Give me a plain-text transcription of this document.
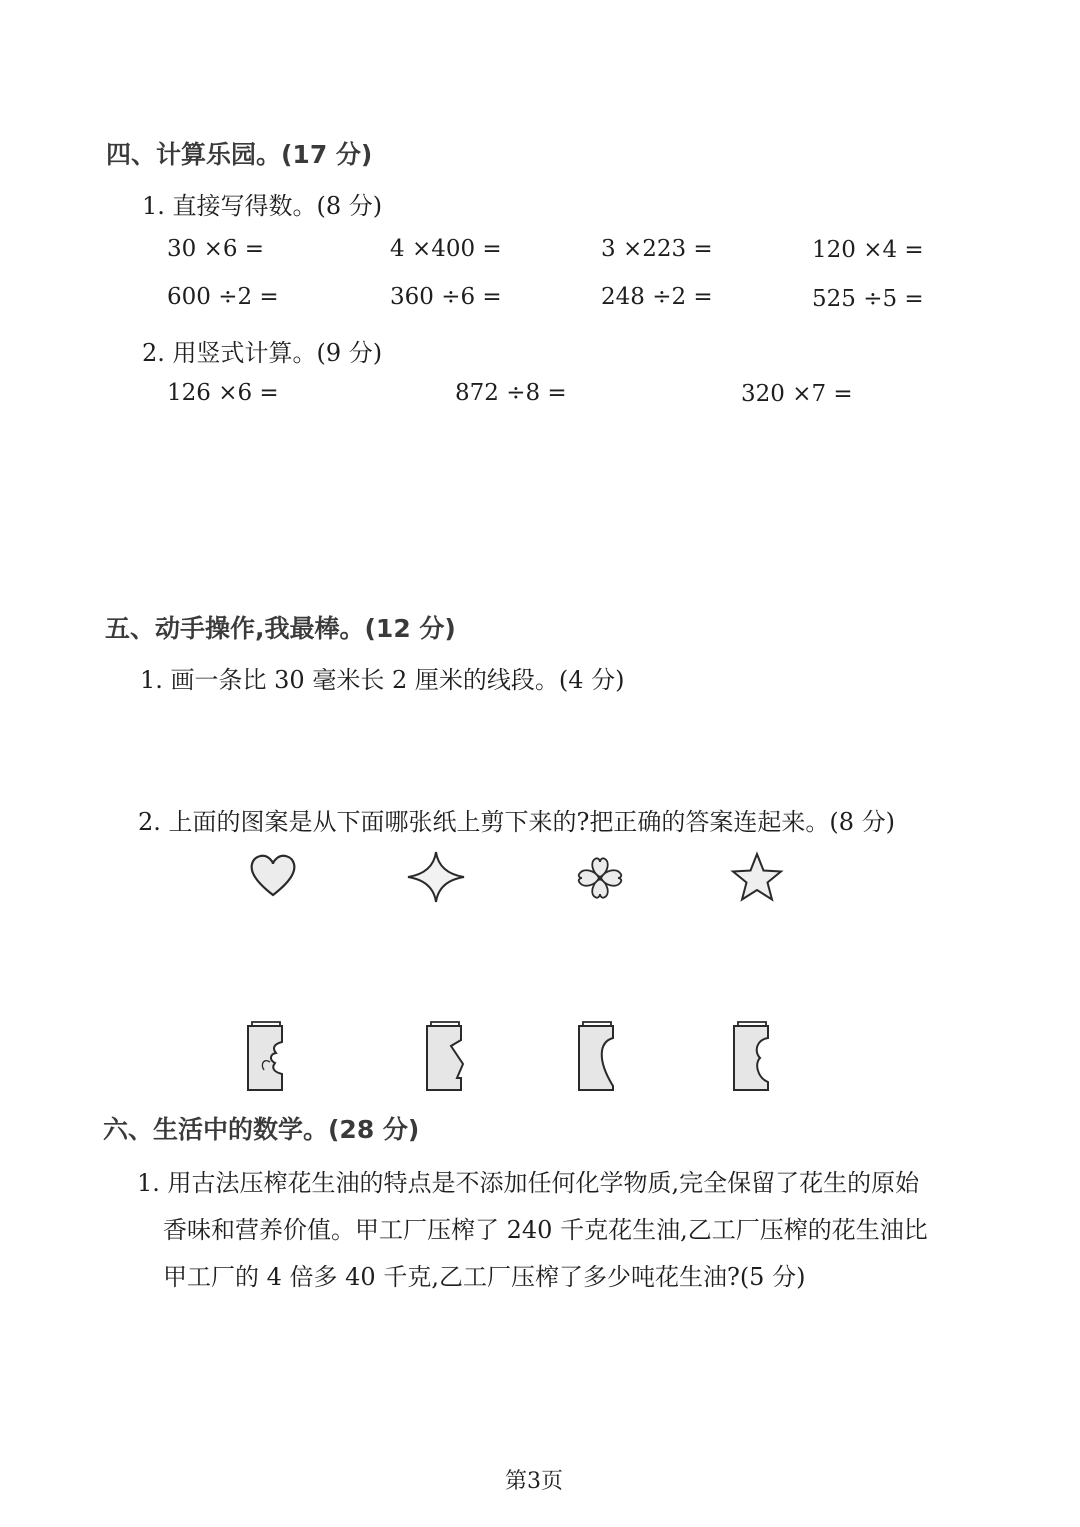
四、计算乐园。(17 分)
1. 直接写得数。(8 分)
30 ×6 =	4 ×400 =	3 ×223 =	120 ×4 =
600 ÷2 =	360 ÷6 =	248 ÷2 =	525 ÷5 =
2. 用竖式计算。(9 分)
126 ×6 =	872 ÷8 =	320 ×7 =
五、动手操作,我最棒。(12 分)
1. 画一条比 30 毫米长 2 厘米的线段。(4 分)
2. 上面的图案是从下面哪张纸上剪下来的?把正确的答案连起来。(8 分)
六、生活中的数学。(28 分)
1. 用古法压榨花生油的特点是不添加任何化学物质,完全保留了花生的原始
香味和营养价值。甲工厂压榨了 240 千克花生油,乙工厂压榨的花生油比
甲工厂的 4 倍多 40 千克,乙工厂压榨了多少吨花生油?(5 分)
第3页
